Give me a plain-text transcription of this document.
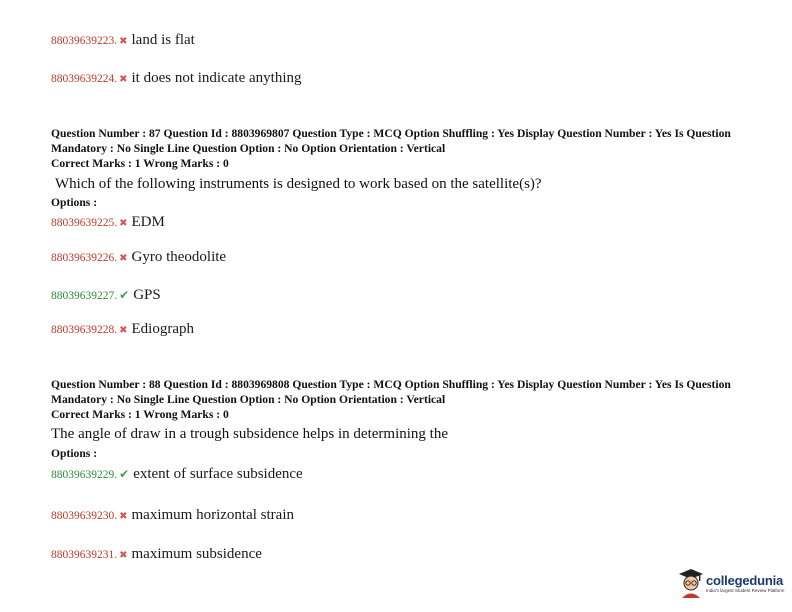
88039639223. ✖ land is flat
88039639224. ✖ it does not indicate anything
Question Number : 87 Question Id : 8803969807 Question Type : MCQ Option Shuffling : Yes Display Question Number : Yes Is Question Mandatory : No Single Line Question Option : No Option Orientation : Vertical
Correct Marks : 1 Wrong Marks : 0
Which of the following instruments is designed to work based on the satellite(s)?
Options :
88039639225. ✖ EDM
88039639226. ✖ Gyro theodolite
88039639227. ✔ GPS
88039639228. ✖ Ediograph
Question Number : 88 Question Id : 8803969808 Question Type : MCQ Option Shuffling : Yes Display Question Number : Yes Is Question Mandatory : No Single Line Question Option : No Option Orientation : Vertical
Correct Marks : 1 Wrong Marks : 0
The angle of draw in a trough subsidence helps in determining the
Options :
88039639229. ✔ extent of surface subsidence
88039639230. ✖ maximum horizontal strain
88039639231. ✖ maximum subsidence
collegedunia
India's largest Student Review Platform
